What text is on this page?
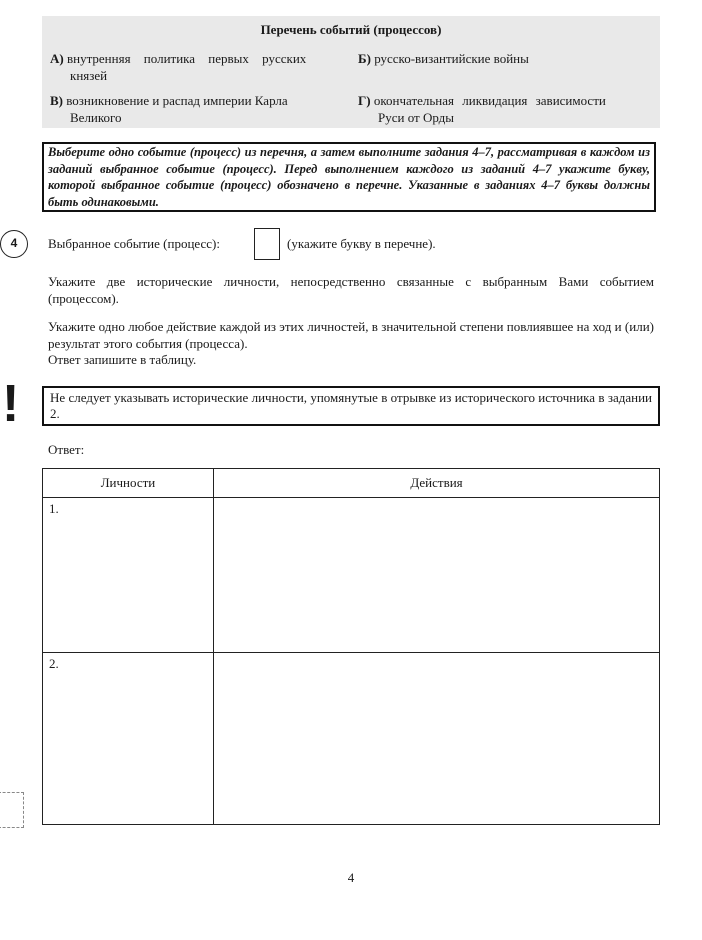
Перечень событий (процессов)
А) внутренняя политика первых русских
князей
Б) русско-византийские войны
В) возникновение и распад империи Карла
Великого
Г) окончательная ликвидация зависимости
Руси от Орды
Выберите одно событие (процесс) из перечня, а затем выполните задания 4–7, рассматривая в каждом из заданий выбранное событие (процесс). Перед выполнением каждого из заданий 4–7 укажите букву, которой выбранное событие (процесс) обозначено в перечне. Указанные в заданиях 4–7 буквы должны быть одинаковыми.
4	Выбранное событие (процесс):	(укажите букву в перечне).
Укажите две исторические личности, непосредственно связанные с выбранным Вами событием (процессом).
Укажите одно любое действие каждой из этих личностей, в значительной степени повлиявшее на ход и (или) результат этого события (процесса).
Ответ запишите в таблицу.
!	Не следует указывать исторические личности, упомянутые в отрывке из исторического источника в задании 2.
Ответ:
Личности	Действия
1.	
2.	
4
